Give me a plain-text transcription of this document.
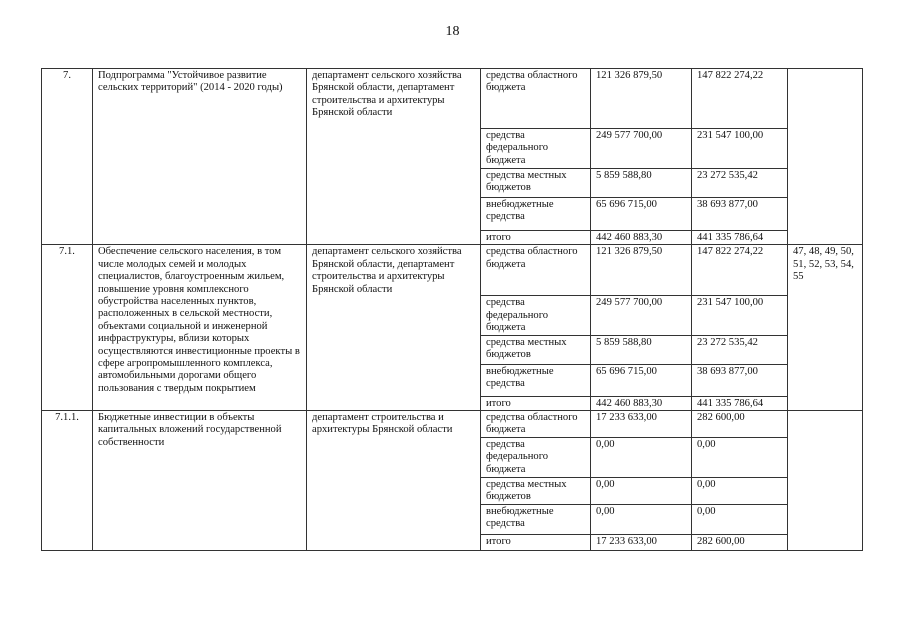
18
7.	Подпрограмма "Устойчивое развитие сельских территорий" (2014 - 2020 годы)	департамент сельского хозяйства Брянской области, департамент строительства и архитектуры Брянской области	средства областного бюджета	121 326 879,50	147 822 274,22	
			средства федерального бюджета	249 577 700,00	231 547 100,00	
			средства местных бюджетов	5 859 588,80	23 272 535,42	
			внебюджетные средства	65 696 715,00	38 693 877,00	
			итого	442 460 883,30	441 335 786,64	
7.1.	Обеспечение сельского населения, в том числе молодых семей и молодых специалистов, благоустроенным жильем, повышение уровня комплексного обустройства населенных пунктов, расположенных в сельской местности, объектами социальной и инженерной инфраструктуры, вблизи которых осуществляются инвестиционные проекты в сфере агропромышленного комплекса, автомобильными дорогами общего пользования с твердым покрытием	департамент сельского хозяйства Брянской области, департамент строительства и архитектуры Брянской области	средства областного бюджета	121 326 879,50	147 822 274,22	47, 48, 49, 50, 51, 52, 53, 54, 55
			средства федерального бюджета	249 577 700,00	231 547 100,00	
			средства местных бюджетов	5 859 588,80	23 272 535,42	
			внебюджетные средства	65 696 715,00	38 693 877,00	
			итого	442 460 883,30	441 335 786,64	
7.1.1.	Бюджетные инвестиции в объекты капитальных вложений государственной собственности	департамент строительства и архитектуры Брянской области	средства областного бюджета	17 233 633,00	282 600,00	
			средства федерального бюджета	0,00	0,00	
			средства местных бюджетов	0,00	0,00	
			внебюджетные средства	0,00	0,00	
			итого	17 233 633,00	282 600,00	
